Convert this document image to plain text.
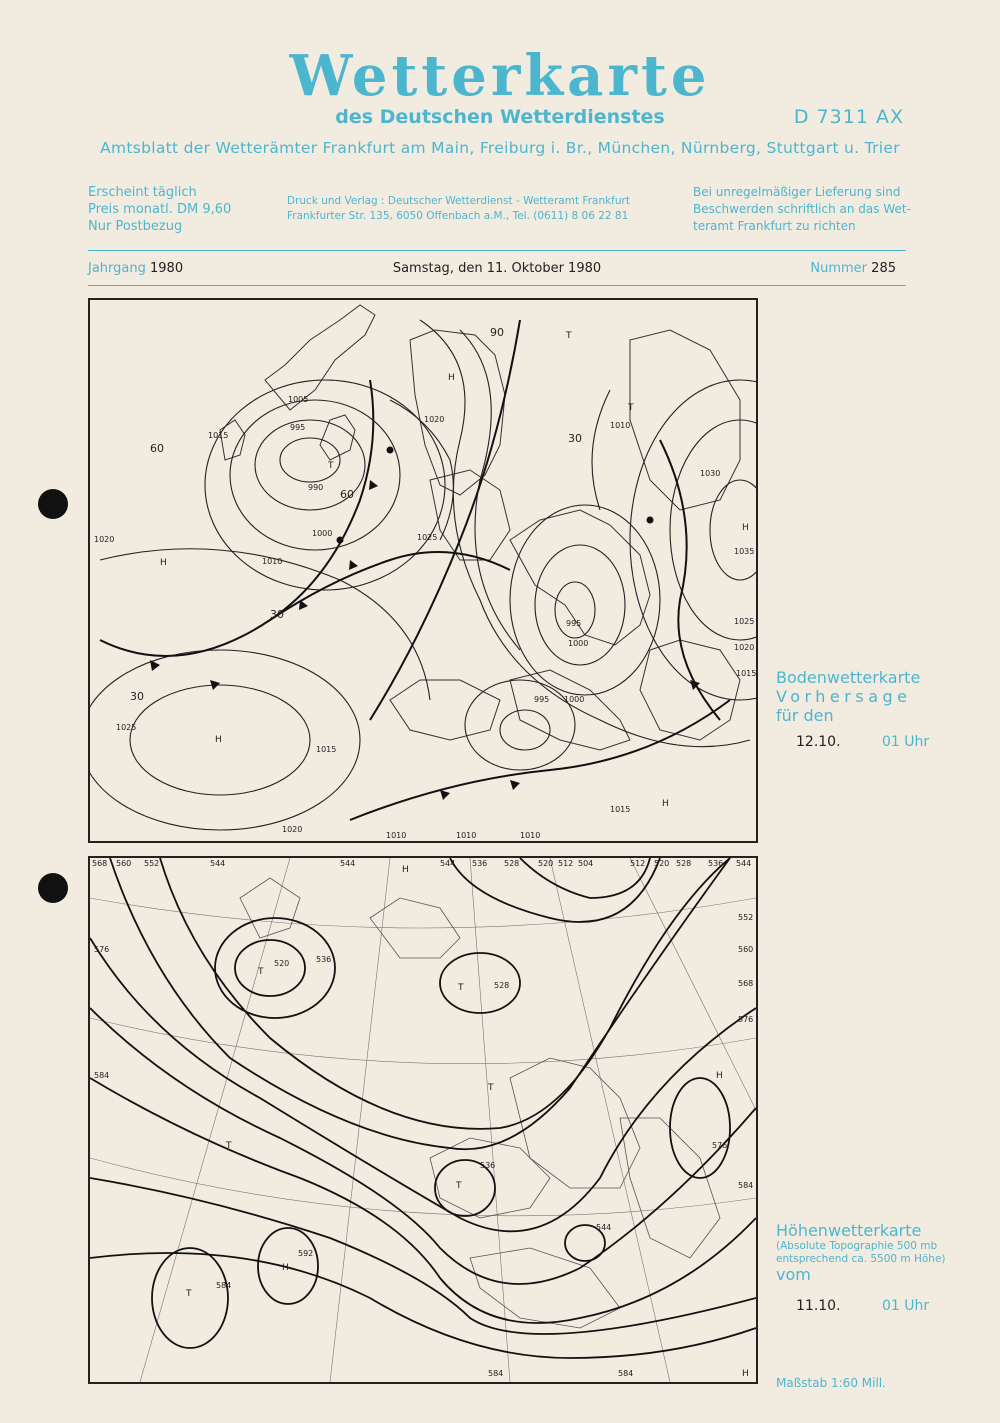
Wetterkarte
des Deutschen Wetterdienstes	D 7311 AX
Amtsblatt der Wetterämter Frankfurt am Main, Freiburg i. Br., München, Nürnberg, Stuttgart u. Trier
Erscheint täglich
Preis monatl. DM 9,60
Nur Postbezug
Druck und Verlag : Deutscher Wetterdienst - Wetteramt Frankfurt
Frankfurter Str. 135, 6050 Offenbach a.M., Tel. (0611) 8 06 22 81
Bei unregelmäßiger Lieferung sind
Beschwerden schriftlich an das Wet-
teramt Frankfurt zu richten
Jahrgang 1980	Samstag, den 11. Oktober 1980	Nummer 285
1005
995
990
1000
1010
1015
1020
1025
1030
1035
1015
1025
1020
1015
1010	1010
995
1000
1000
995
1010
1010
1020
1025
1020
1015
H
H
H
H
H
T
T
T
60
30
30
90
60
30
Bodenwetterkarte
Vorhersage
für den
12.10.	01 Uhr
568 560 552	544	544	544 536 528 520 512 504	512 520 528 536 544
552
560
568
576
576
584
576
584
520	536
528
536
544
592
584
584	584
H
T
T
T
T
T
H
T
H
H
Höhenwetterkarte
(Absolute Topographie 500 mb
entsprechend ca. 5500 m Höhe)
vom
11.10.	01 Uhr
Maßstab 1:60 Mill.
